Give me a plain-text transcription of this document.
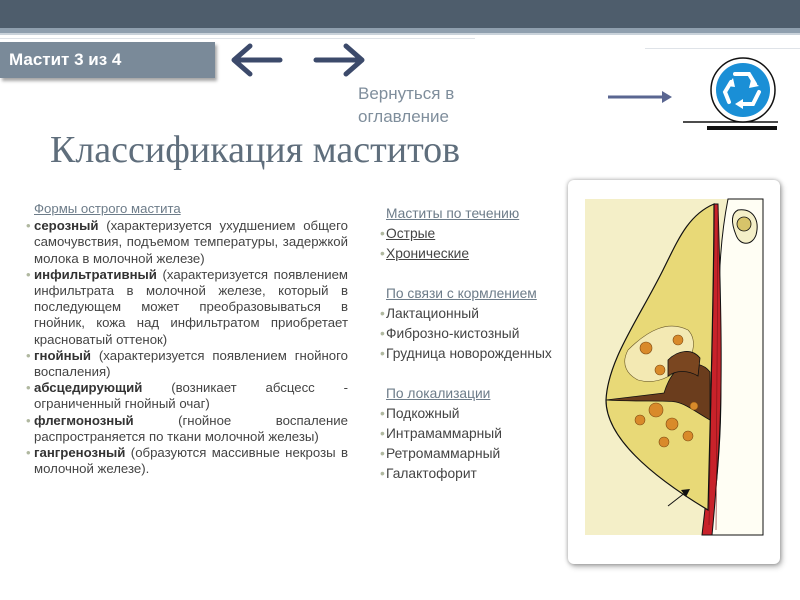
Мастит 3 из 4
Вернуться в оглавление
Классификация маститов
Формы острого мастита
• серозный (характеризуется ухудшением общего самочувствия, подъемом температуры, задержкой молока в молочной железе)
• инфильтративный (характеризуется появлением инфильтрата в молочной железе, который в последующем может преобразовываться в гнойник, кожа над инфильтратом приобретает красноватый оттенок)
• гнойный (характеризуется появлением гнойного воспаления)
• абсцедирующий (возникает абсцесс - ограниченный гнойный очаг)
• флегмонозный (гнойное воспаление распространяется по ткани молочной железы)
• гангренозный (образуются массивные некрозы в молочной железе).
Маститы по течению
• Острые
• Хронические
По связи с кормлением
• Лактационный
• Фиброзно-кистозный
• Грудница новорожденных
По локализации
• Подкожный
• Интрамаммарный
• Ретромаммарный
• Галактофорит
